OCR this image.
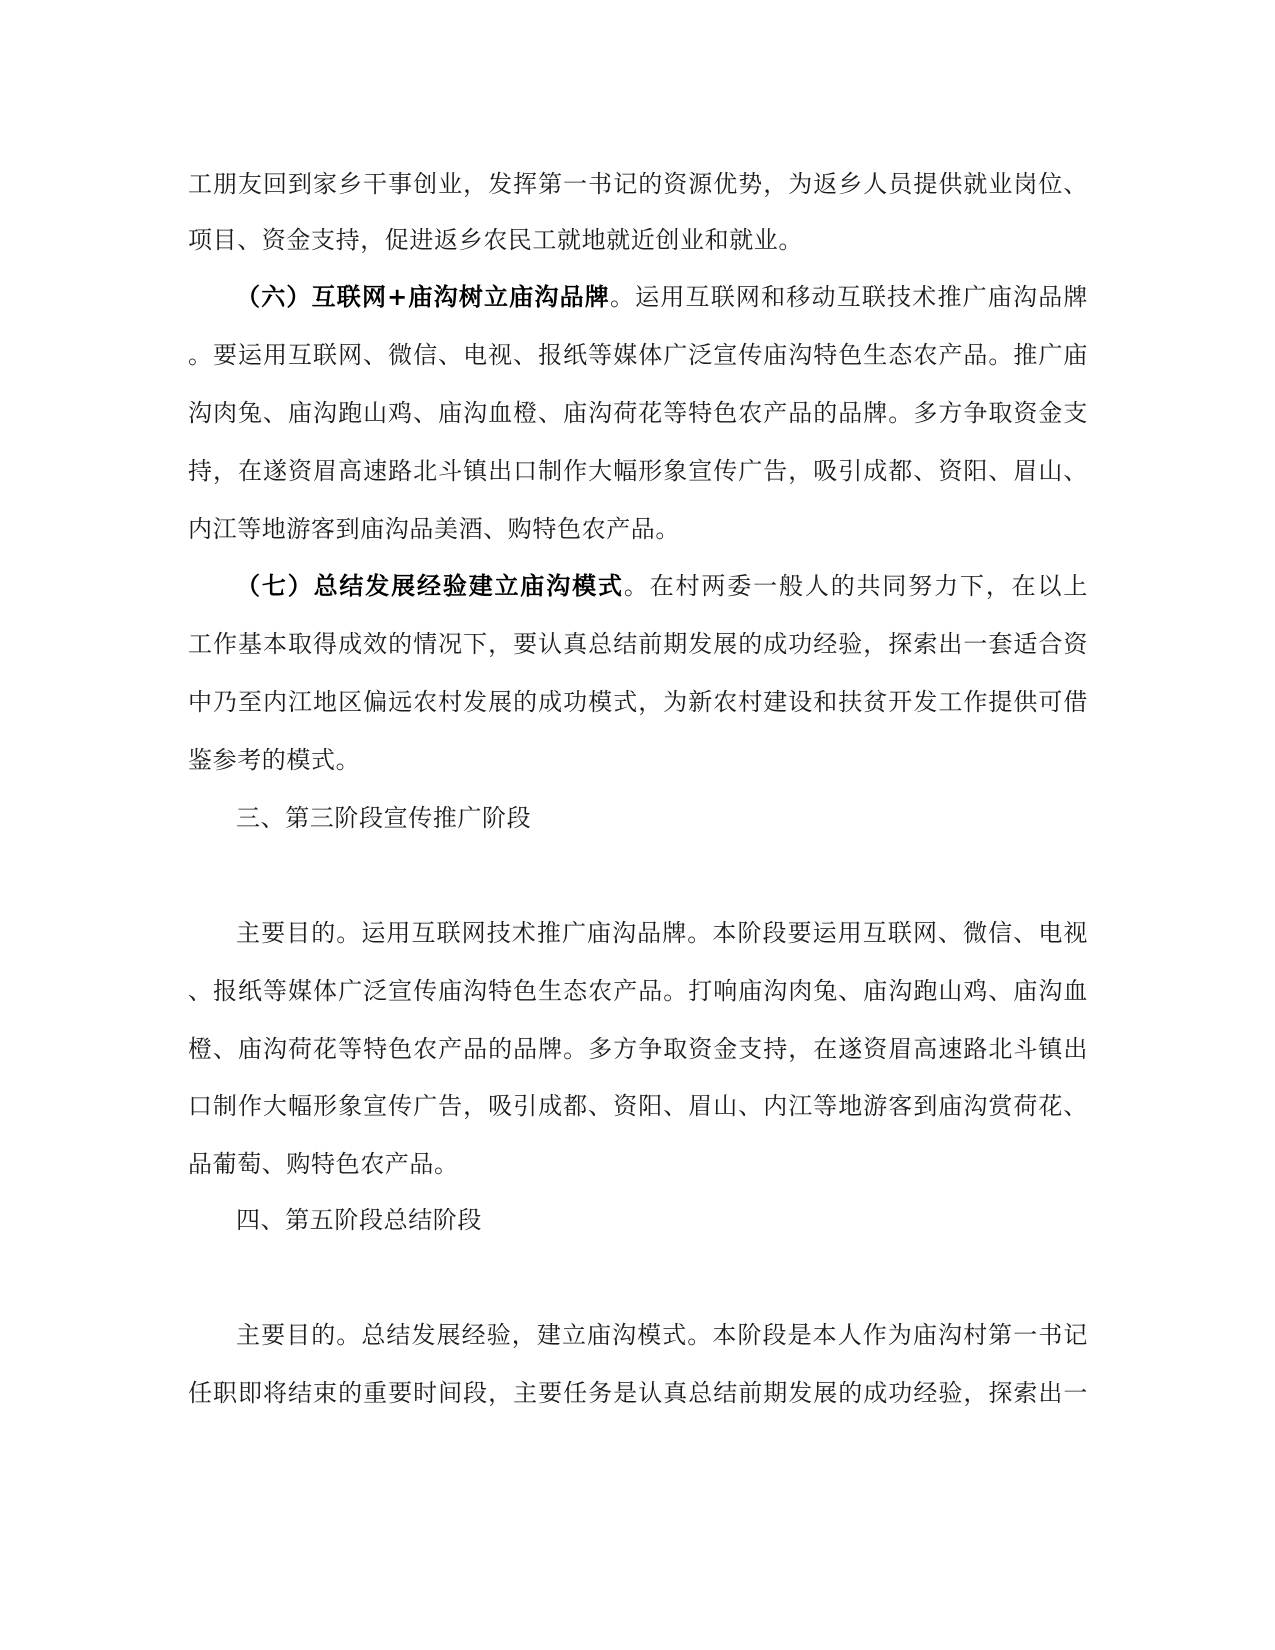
工朋友回到家乡干事创业，发挥第一书记的资源优势，为返乡人员提供就业岗位、
项目、资金支持，促进返乡农民工就地就近创业和就业。
（六）互联网+庙沟树立庙沟品牌。运用互联网和移动互联技术推广庙沟品牌
。要运用互联网、微信、电视、报纸等媒体广泛宣传庙沟特色生态农产品。推广庙
沟肉兔、庙沟跑山鸡、庙沟血橙、庙沟荷花等特色农产品的品牌。多方争取资金支
持，在遂资眉高速路北斗镇出口制作大幅形象宣传广告，吸引成都、资阳、眉山、
内江等地游客到庙沟品美酒、购特色农产品。
（七）总结发展经验建立庙沟模式。在村两委一般人的共同努力下，在以上
工作基本取得成效的情况下，要认真总结前期发展的成功经验，探索出一套适合资
中乃至内江地区偏远农村发展的成功模式，为新农村建设和扶贫开发工作提供可借
鉴参考的模式。
三、第三阶段宣传推广阶段
主要目的。运用互联网技术推广庙沟品牌。本阶段要运用互联网、微信、电视
、报纸等媒体广泛宣传庙沟特色生态农产品。打响庙沟肉兔、庙沟跑山鸡、庙沟血
橙、庙沟荷花等特色农产品的品牌。多方争取资金支持，在遂资眉高速路北斗镇出
口制作大幅形象宣传广告，吸引成都、资阳、眉山、内江等地游客到庙沟赏荷花、
品葡萄、购特色农产品。
四、第五阶段总结阶段
主要目的。总结发展经验，建立庙沟模式。本阶段是本人作为庙沟村第一书记
任职即将结束的重要时间段，主要任务是认真总结前期发展的成功经验，探索出一
